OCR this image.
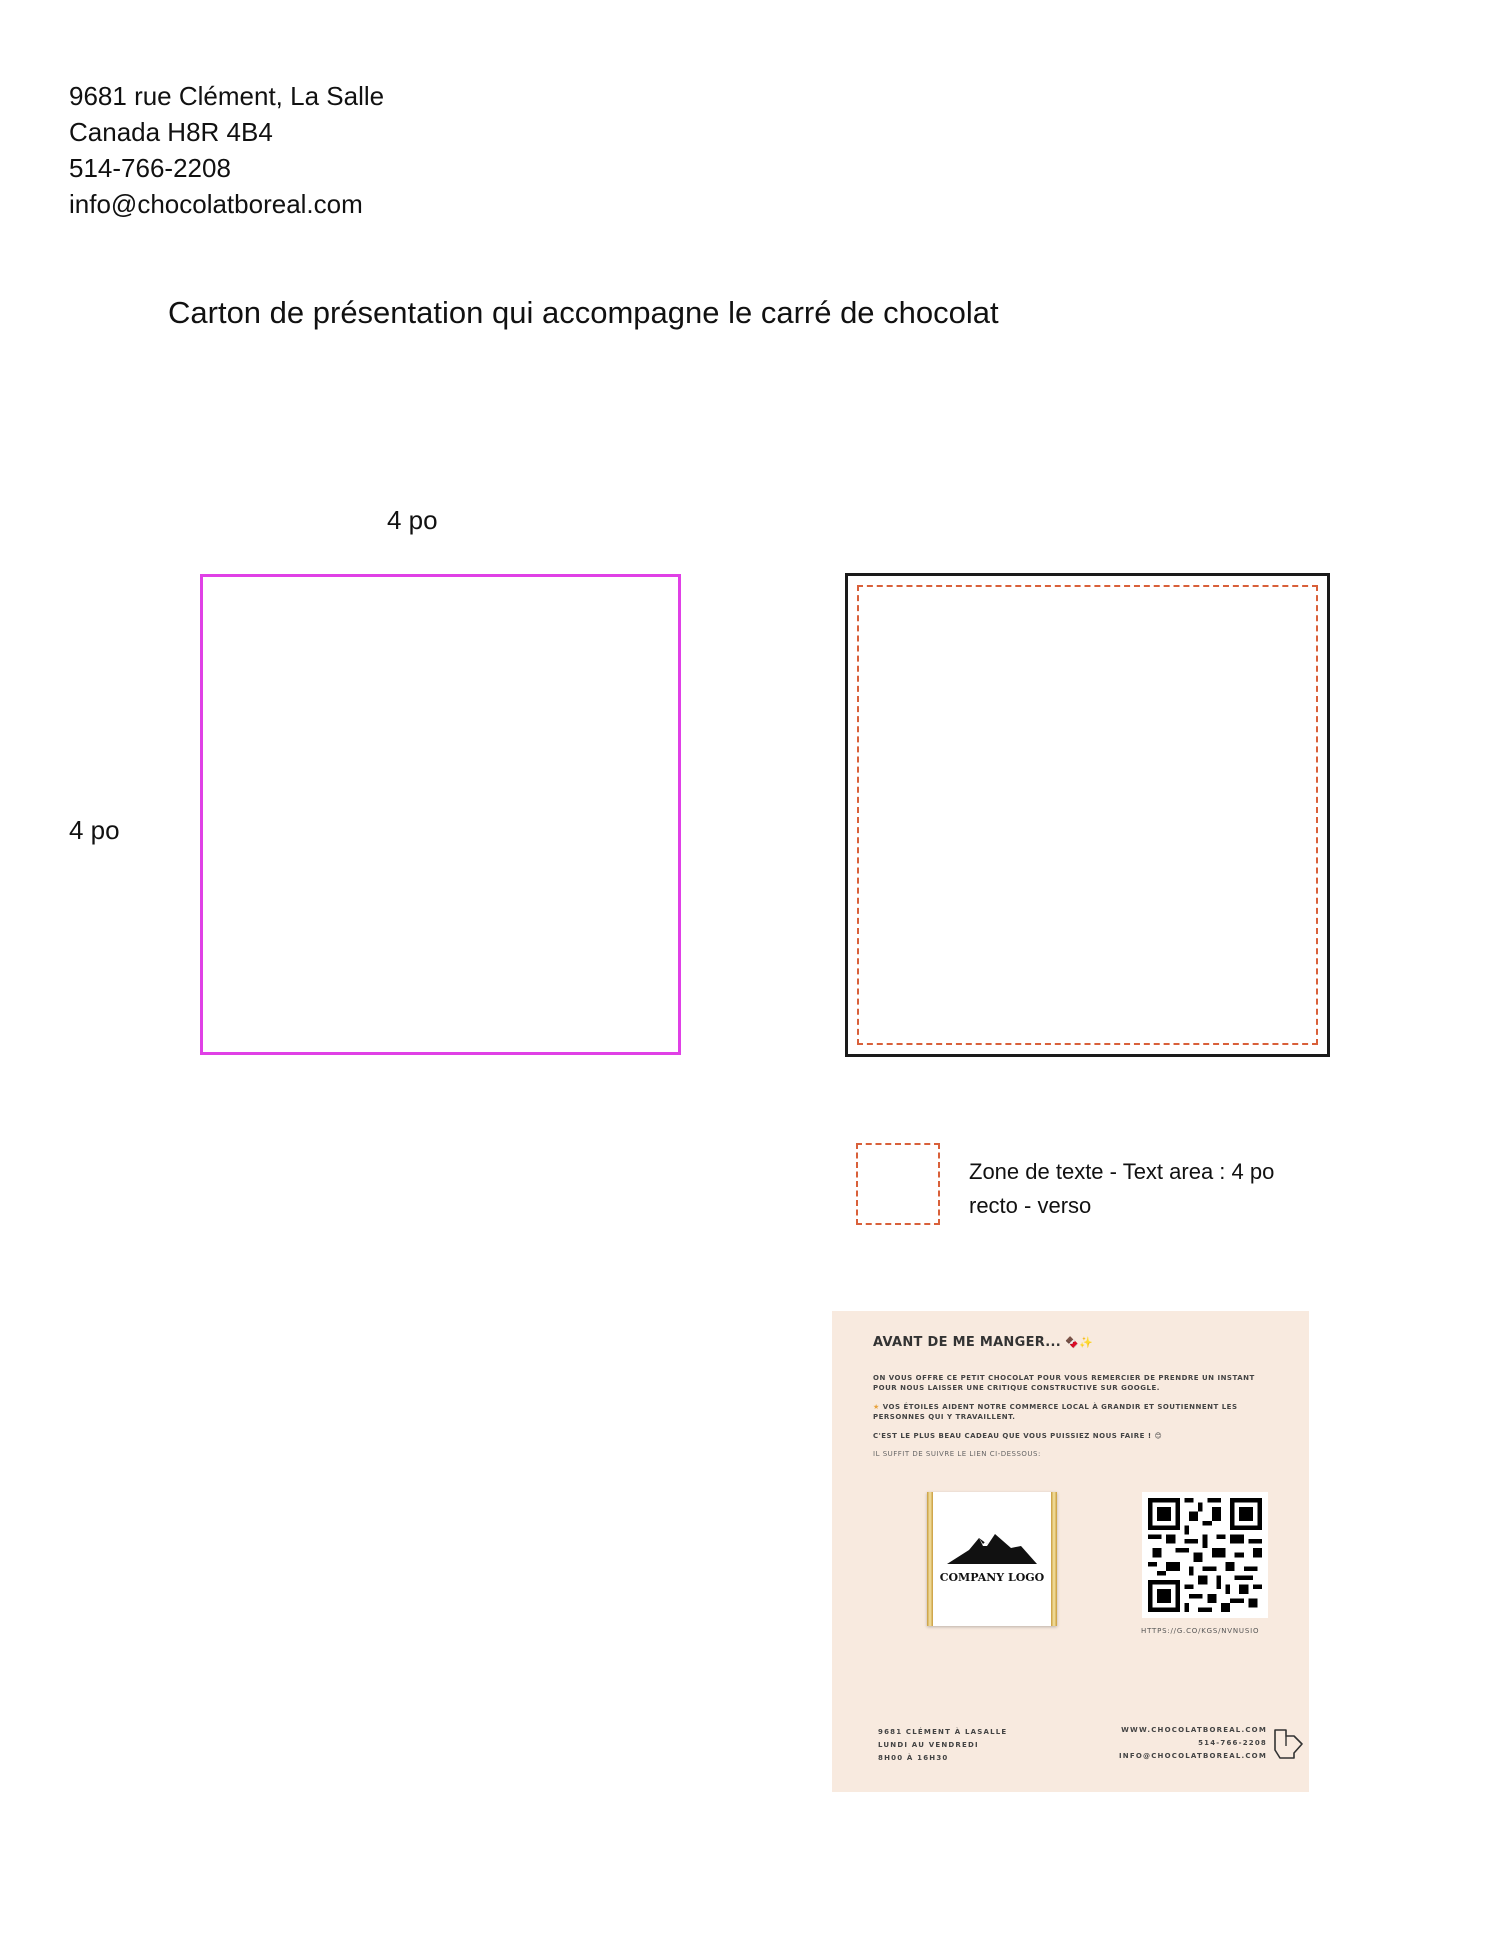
9681 rue Clément, La Salle
Canada H8R 4B4
514-766-2208
info@chocolatboreal.com
Carton de présentation qui accompagne le carré de chocolat
4 po
4 po
Zone de texte - Text area : 4 po
recto - verso
AVANT DE ME MANGER... 🍫✨
ON VOUS OFFRE CE PETIT CHOCOLAT POUR VOUS REMERCIER DE PRENDRE UN INSTANT POUR NOUS LAISSER UNE CRITIQUE CONSTRUCTIVE SUR GOOGLE.
★ VOS ÉTOILES AIDENT NOTRE COMMERCE LOCAL À GRANDIR ET SOUTIENNENT LES PERSONNES QUI Y TRAVAILLENT.
C'EST LE PLUS BEAU CADEAU QUE VOUS PUISSIEZ NOUS FAIRE ! 😊
IL SUFFIT DE SUIVRE LE LIEN CI-DESSOUS:
COMPANY LOGO
HTTPS://G.CO/KGS/NVNUSIO
9681 CLÉMENT À LASALLE
LUNDI AU VENDREDI
8H00 À 16H30
WWW.CHOCOLATBOREAL.COM
514-766-2208
INFO@CHOCOLATBOREAL.COM
